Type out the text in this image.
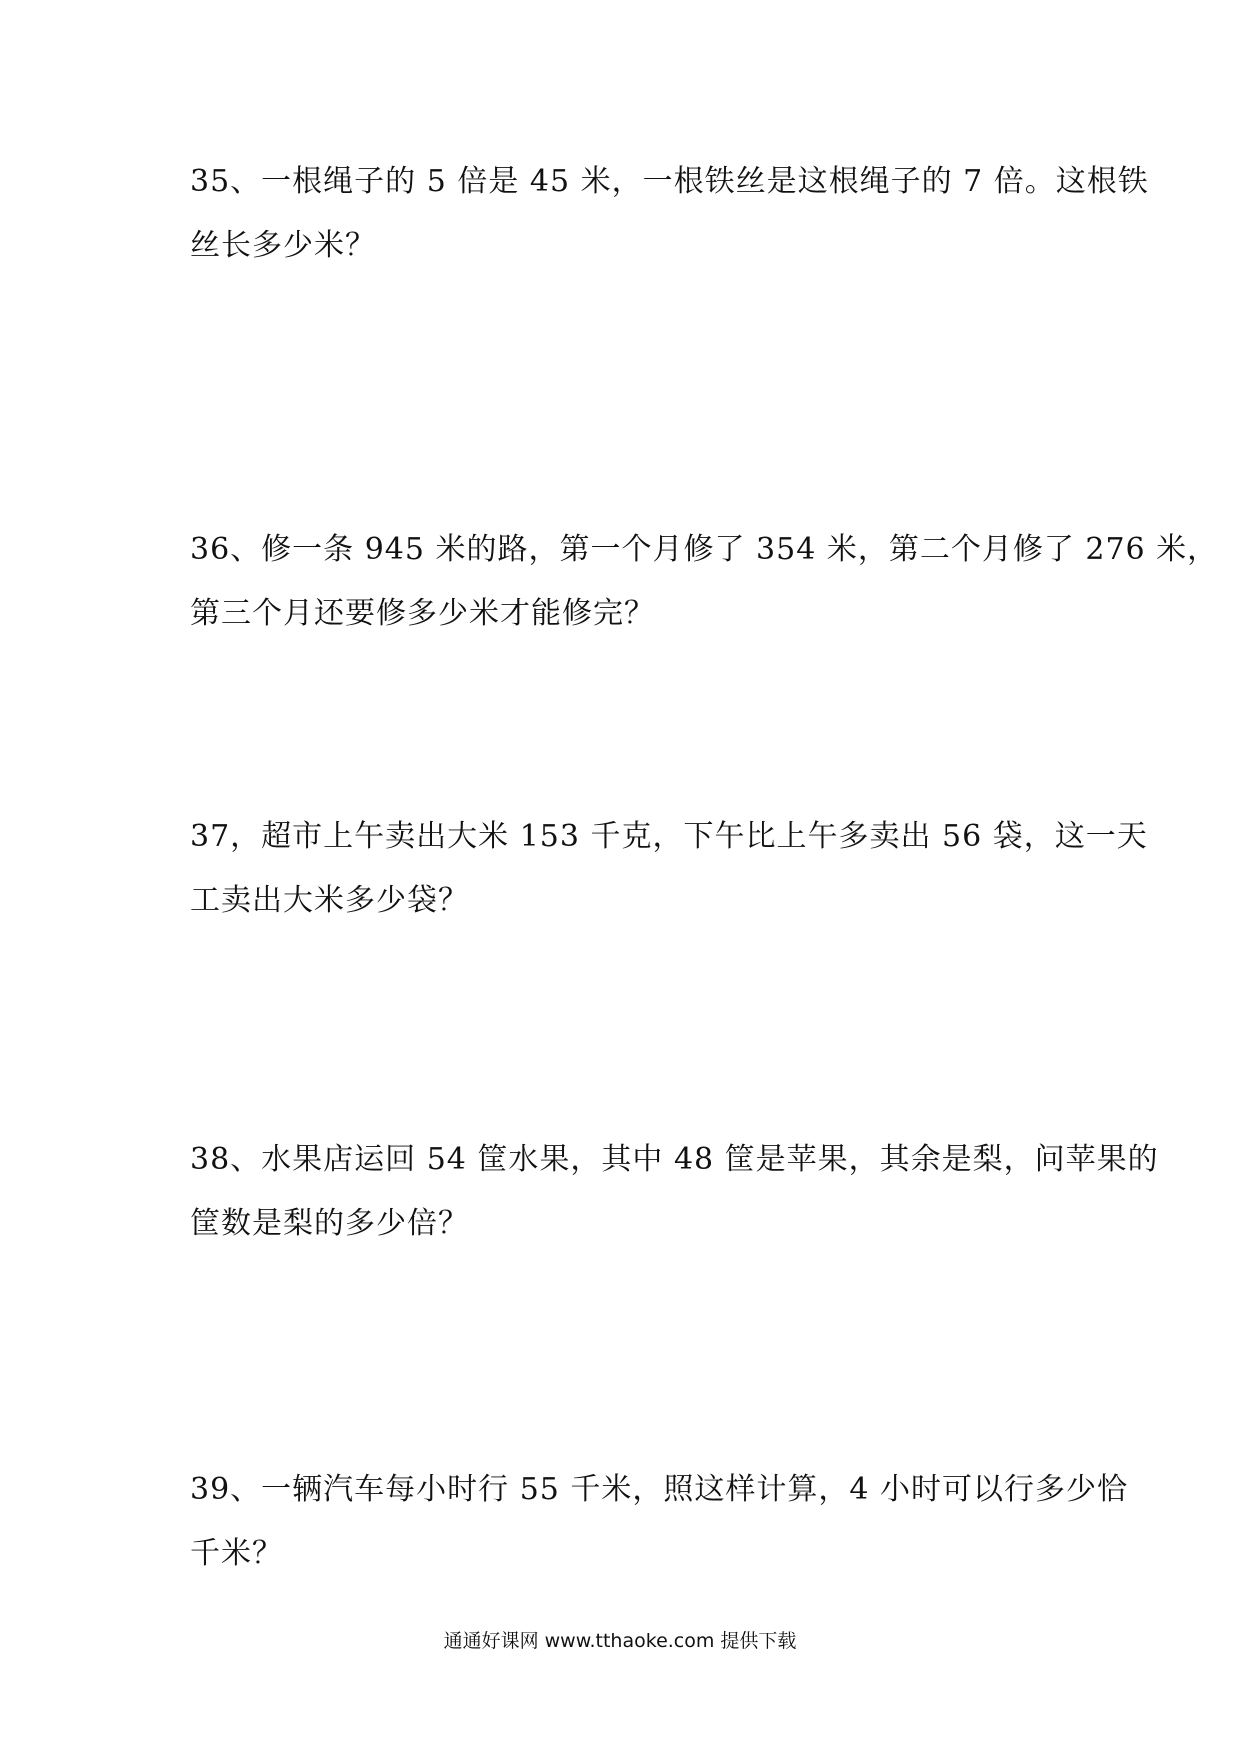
35、一根绳子的 5 倍是 45 米，一根铁丝是这根绳子的 7 倍。这根铁
丝长多少米？
36、修一条 945 米的路，第一个月修了 354 米，第二个月修了 276 米，
第三个月还要修多少米才能修完？
37，超市上午卖出大米 153 千克，下午比上午多卖出 56 袋，这一天
工卖出大米多少袋？
38、水果店运回 54 筐水果，其中 48 筐是苹果，其余是梨，问苹果的
筐数是梨的多少倍？
39、一辆汽车每小时行 55 千米，照这样计算，4 小时可以行多少恰
千米？
通通好课网 www.tthaoke.com 提供下载
